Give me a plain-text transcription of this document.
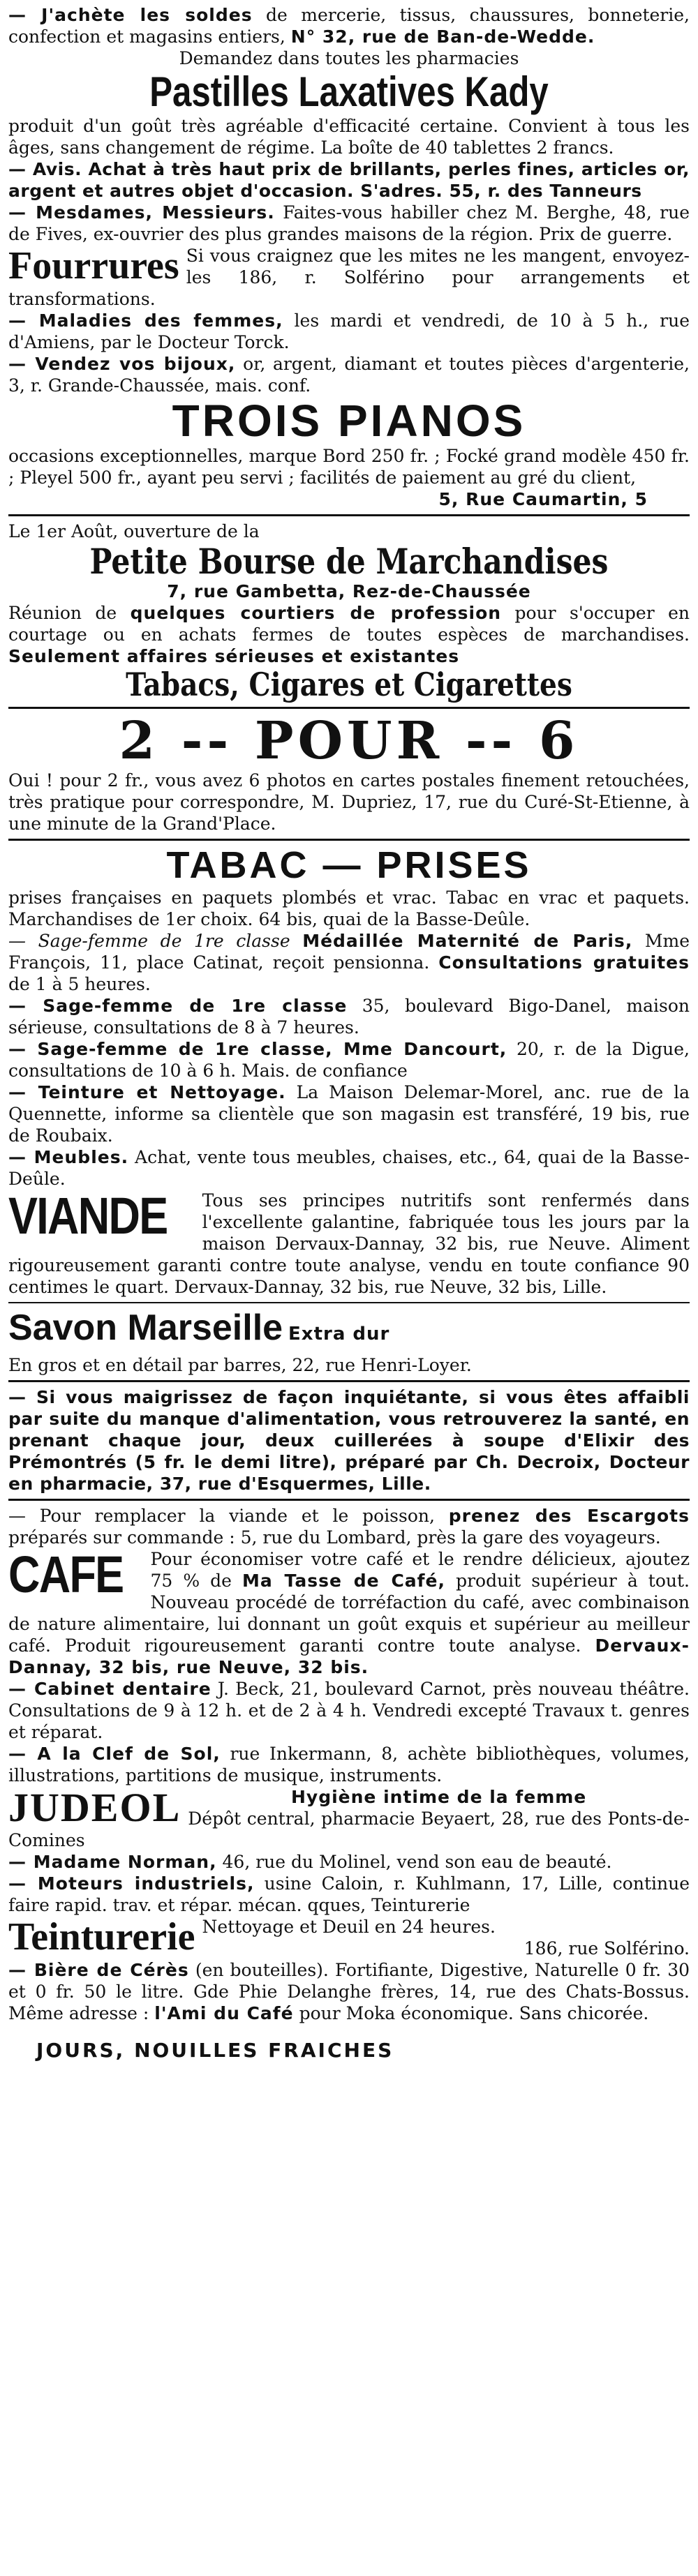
— J'achète les soldes de mercerie, tissus, chaussures, bonneterie, confection et magasins entiers, N° 32, rue de Ban-de-Wedde.

Demandez dans toutes les pharmacies

Pastilles Laxatives Kady

produit d'un goût très agréable d'efficacité certaine. Convient à tous les âges, sans changement de régime. La boîte de 40 tablettes 2 francs.

— Avis. Achat à très haut prix de brillants, perles fines, articles or, argent et autres objet d'occasion. S'adres. 55, r. des Tanneurs

— Mesdames, Messieurs. Faites-vous habiller chez M. Berghe, 48, rue de Fives, ex-ouvrier des plus grandes maisons de la région. Prix de guerre.

Fourrures Si vous craignez que les mites ne les mangent, envoyez-les 186, r. Solférino pour arrangements et transformations.

— Maladies des femmes, les mardi et vendredi, de 10 à 5 h., rue d'Amiens, par le Docteur Torck.

— Vendez vos bijoux, or, argent, diamant et toutes pièces d'argenterie, 3, r. Grande-Chaussée, mais. conf.

TROIS PIANOS

occasions exceptionnelles, marque Bord 250 fr. ; Focké grand modèle 450 fr. ; Pleyel 500 fr., ayant peu servi ; facilités de paiement au gré du client,

5, Rue Caumartin, 5

Le 1er Août, ouverture de la

Petite Bourse de Marchandises

7, rue Gambetta, Rez-de-Chaussée

Réunion de quelques courtiers de profession pour s'occuper en courtage ou en achats fermes de toutes espèces de marchandises. Seulement affaires sérieuses et existantes

Tabacs, Cigares et Cigarettes

2 -- POUR -- 6

Oui ! pour 2 fr., vous avez 6 photos en cartes postales finement retouchées, très pratique pour correspondre, M. Dupriez, 17, rue du Curé-St-Etienne, à une minute de la Grand'Place.

TABAC — PRISES

prises françaises en paquets plombés et vrac. Tabac en vrac et paquets. Marchandises de 1er choix. 64 bis, quai de la Basse-Deûle.

— Sage-femme de 1re classe Médaillée Maternité de Paris, Mme François, 11, place Catinat, reçoit pensionna. Consultations gratuites de 1 à 5 heures.

— Sage-femme de 1re classe 35, boulevard Bigo-Danel, maison sérieuse, consultations de 8 à 7 heures.

— Sage-femme de 1re classe, Mme Dancourt, 20, r. de la Digue, consultations de 10 à 6 h. Mais. de confiance

— Teinture et Nettoyage. La Maison Delemar-Morel, anc. rue de la Quennette, informe sa clientèle que son magasin est transféré, 19 bis, rue de Roubaix.

— Meubles. Achat, vente tous meubles, chaises, etc., 64, quai de la Basse-Deûle.

VIANDE	Tous ses principes nutritifs sont renfermés dans l'excellente galantine, fabriquée tous les jours par la maison Dervaux-Dannay, 32 bis, rue Neuve. Aliment rigoureusement garanti contre toute analyse, vendu en toute confiance 90 centimes le quart. Dervaux-Dannay, 32 bis, rue Neuve, 32 bis, Lille.

Savon Marseille Extra dur

En gros et en détail par barres, 22, rue Henri-Loyer.

— Si vous maigrissez de façon inquiétante, si vous êtes affaibli par suite du manque d'alimentation, vous retrouverez la santé, en prenant chaque jour, deux cuillerées à soupe d'Elixir des Prémontrés (5 fr. le demi litre), préparé par Ch. Decroix, Docteur en pharmacie, 37, rue d'Esquermes, Lille.

— Pour remplacer la viande et le poisson, prenez des Escargots préparés sur commande : 5, rue du Lombard, près la gare des voyageurs.

CAFE	Pour économiser votre café et le rendre délicieux, ajoutez 75 % de Ma Tasse de Café, produit supérieur à tout. Nouveau procédé de torréfaction du café, avec combinaison de nature alimentaire, lui donnant un goût exquis et supérieur au meilleur café. Produit rigoureusement garanti contre toute analyse. Dervaux-Dannay, 32 bis, rue Neuve, 32 bis.

— Cabinet dentaire J. Beck, 21, boulevard Carnot, près nouveau théâtre. Consultations de 9 à 12 h. et de 2 à 4 h. Vendredi excepté Travaux t. genres et réparat.

— A la Clef de Sol, rue Inkermann, 8, achète bibliothèques, volumes, illustrations, partitions de musique, instruments.

JUDEOL	Hygiène intime de la femme

Dépôt central, pharmacie Beyaert, 28, rue des Ponts-de-Comines

— Madame Norman, 46, rue du Molinel, vend son eau de beauté.

— Moteurs industriels, usine Caloin, r. Kuhlmann, 17, Lille, continue faire rapid. trav. et répar. mécan. qques, Teinturerie

Teinturerie Nettoyage et Deuil en 24 heures.

186, rue Solférino.

— Bière de Cérès (en bouteilles). Fortifiante, Digestive, Naturelle 0 fr. 30 et 0 fr. 50 le litre. Gde Phie Delanghe frères, 14, rue des Chats-Bossus. Même adresse : l'Ami du Café pour Moka économique. Sans chicorée.

JOURS, NOUILLES FRAICHES
